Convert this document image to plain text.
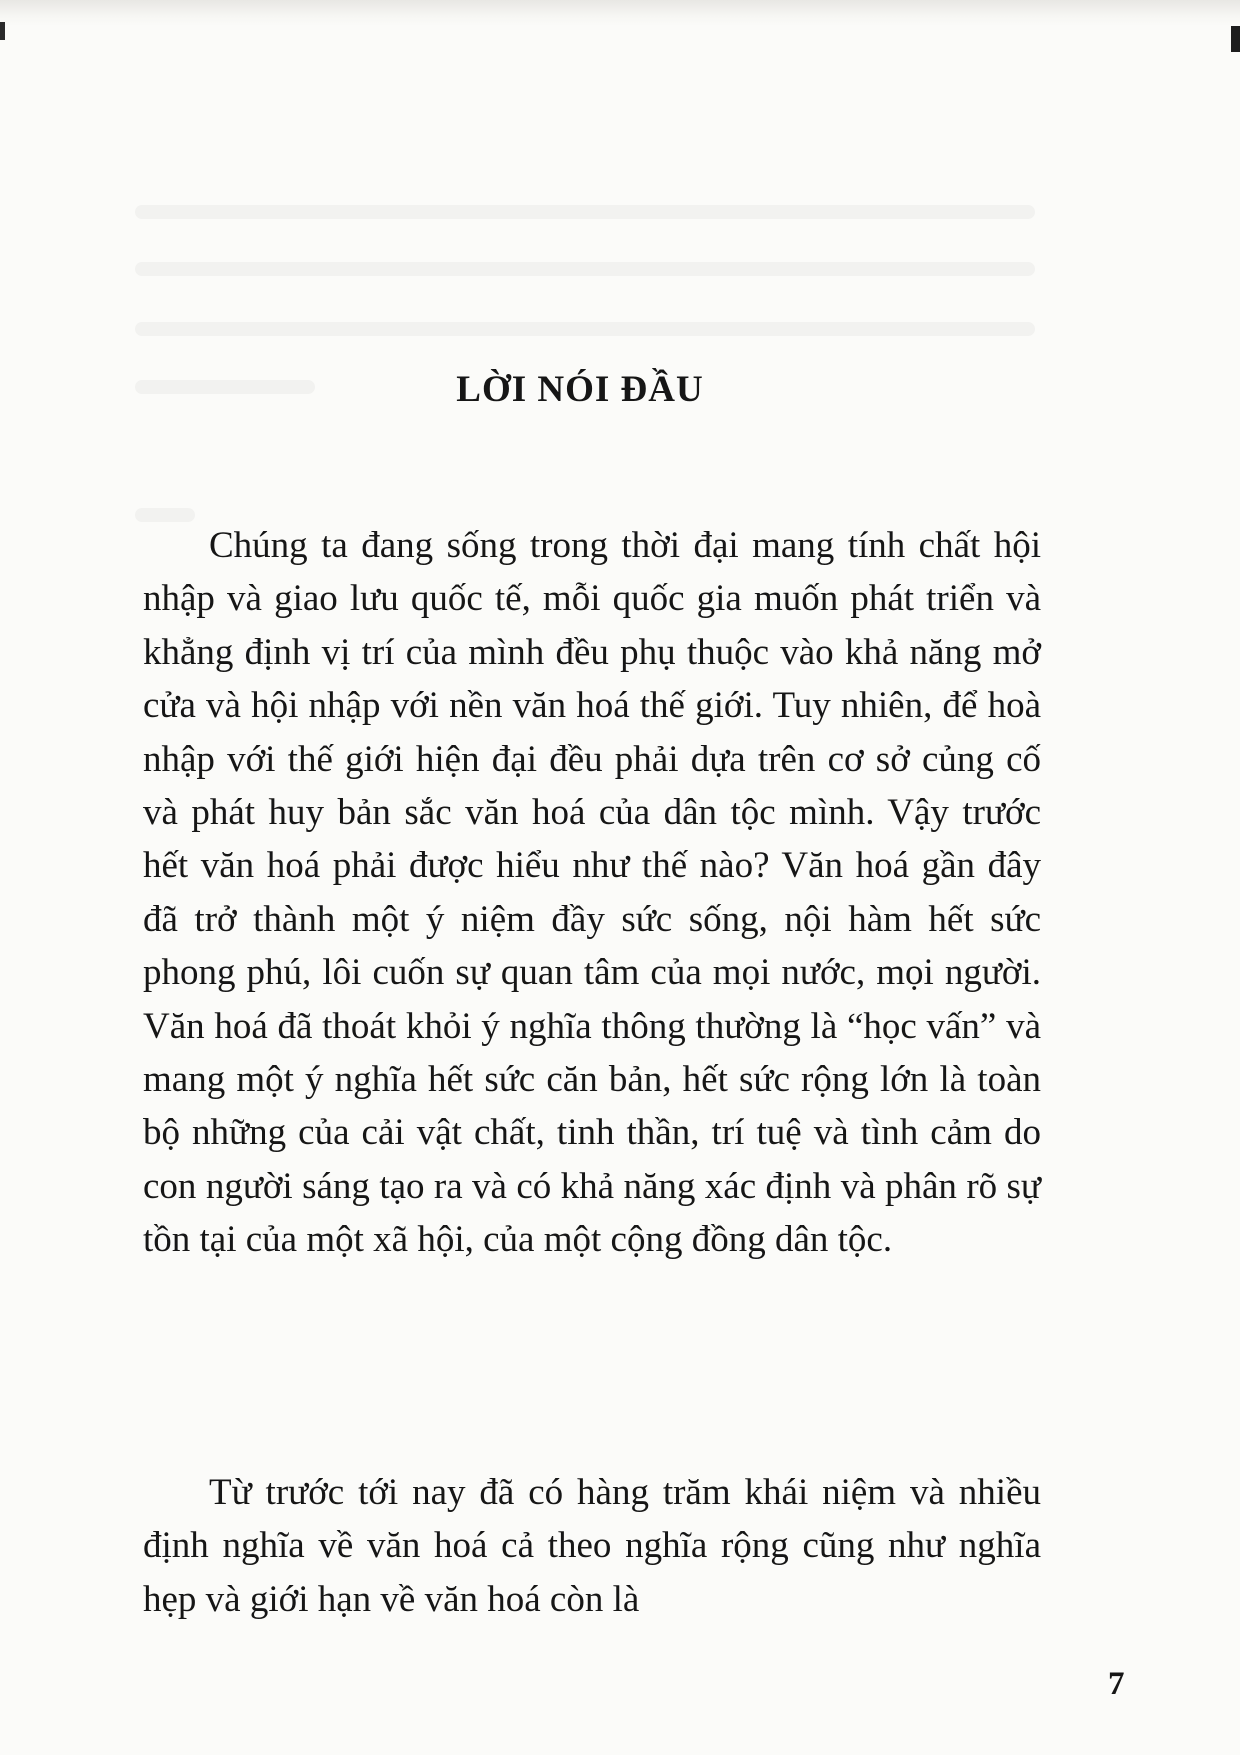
LỜI NÓI ĐẦU

Chúng ta đang sống trong thời đại mang tính chất hội nhập và giao lưu quốc tế, mỗi quốc gia muốn phát triển và khẳng định vị trí của mình đều phụ thuộc vào khả năng mở cửa và hội nhập với nền văn hoá thế giới. Tuy nhiên, để hoà nhập với thế giới hiện đại đều phải dựa trên cơ sở củng cố và phát huy bản sắc văn hoá của dân tộc mình. Vậy trước hết văn hoá phải được hiểu như thế nào? Văn hoá gần đây đã trở thành một ý niệm đầy sức sống, nội hàm hết sức phong phú, lôi cuốn sự quan tâm của mọi nước, mọi người. Văn hoá đã thoát khỏi ý nghĩa thông thường là “học vấn” và mang một ý nghĩa hết sức căn bản, hết sức rộng lớn là toàn bộ những của cải vật chất, tinh thần, trí tuệ và tình cảm do con người sáng tạo ra và có khả năng xác định và phân rõ sự tồn tại của một xã hội, của một cộng đồng dân tộc.

Từ trước tới nay đã có hàng trăm khái niệm và nhiều định nghĩa về văn hoá cả theo nghĩa rộng cũng như nghĩa hẹp và giới hạn về văn hoá còn là

7
